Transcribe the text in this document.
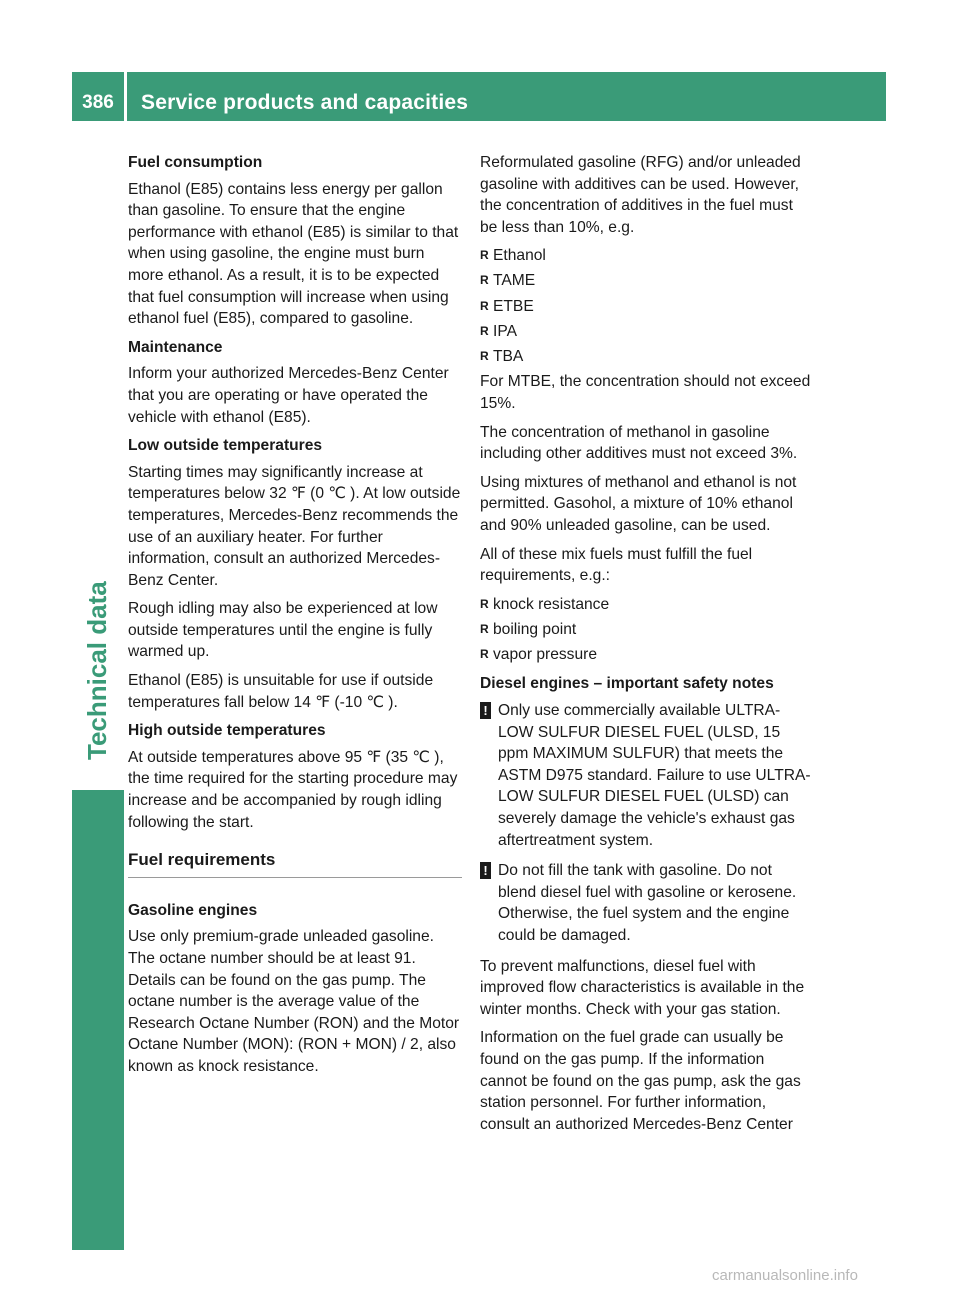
386	Service products and capacities
Technical data
Fuel consumption

Ethanol (E85) contains less energy per gallon than gasoline. To ensure that the engine performance with ethanol (E85) is similar to that when using gasoline, the engine must burn more ethanol. As a result, it is to be expected that fuel consumption will increase when using ethanol fuel (E85), compared to gasoline.

Maintenance

Inform your authorized Mercedes-Benz Center that you are operating or have operated the vehicle with ethanol (E85).

Low outside temperatures

Starting times may significantly increase at temperatures below 32 ℉ (0 ℃ ). At low outside temperatures, Mercedes-Benz recommends the use of an auxiliary heater. For further information, consult an authorized Mercedes-Benz Center.

Rough idling may also be experienced at low outside temperatures until the engine is fully warmed up.

Ethanol (E85) is unsuitable for use if outside temperatures fall below 14 ℉ (-10 ℃ ).

High outside temperatures

At outside temperatures above 95 ℉ (35 ℃ ), the time required for the starting procedure may increase and be accompanied by rough idling following the start.

Fuel requirements
Gasoline engines

Use only premium-grade unleaded gasoline. The octane number should be at least 91. Details can be found on the gas pump. The octane number is the average value of the Research Octane Number (RON) and the Motor Octane Number (MON): (RON + MON) / 2, also known as knock resistance.

Reformulated gasoline (RFG) and/or unleaded gasoline with additives can be used. However, the concentration of additives in the fuel must be less than 10%, e.g.

R Ethanol
R TAME
R ETBE
R IPA
R TBA

For MTBE, the concentration should not exceed 15%.

The concentration of methanol in gasoline including other additives must not exceed 3%.

Using mixtures of methanol and ethanol is not permitted. Gasohol, a mixture of 10% ethanol and 90% unleaded gasoline, can be used.

All of these mix fuels must fulfill the fuel requirements, e.g.:

R knock resistance
R boiling point
R vapor pressure
Diesel engines – important safety notes
! Only use commercially available ULTRA-LOW SULFUR DIESEL FUEL (ULSD, 15 ppm MAXIMUM SULFUR) that meets the ASTM D975 standard. Failure to use ULTRA-LOW SULFUR DIESEL FUEL (ULSD) can severely damage the vehicle's exhaust gas aftertreatment system.
! Do not fill the tank with gasoline. Do not blend diesel fuel with gasoline or kerosene. Otherwise, the fuel system and the engine could be damaged.

To prevent malfunctions, diesel fuel with improved flow characteristics is available in the winter months. Check with your gas station.

Information on the fuel grade can usually be found on the gas pump. If the information cannot be found on the gas pump, ask the gas station personnel. For further information, consult an authorized Mercedes-Benz Center

carmanualsonline.info
